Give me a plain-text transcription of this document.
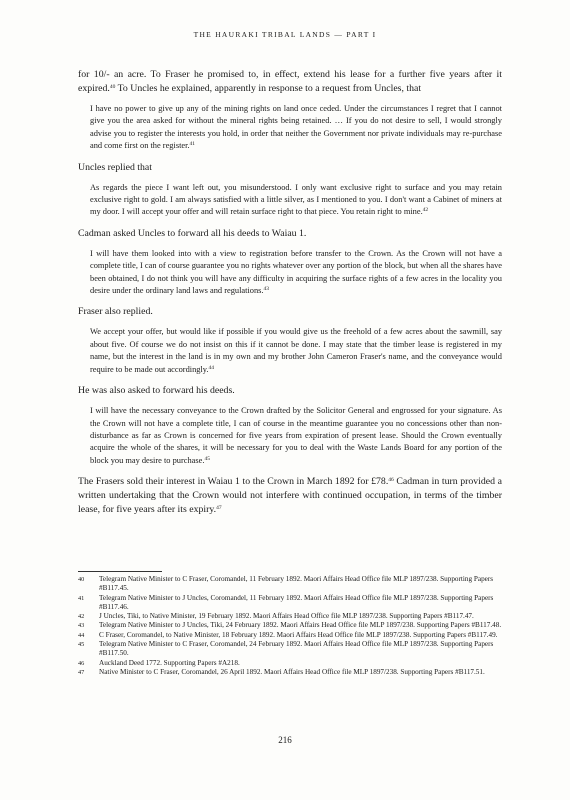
THE HAURAKI TRIBAL LANDS — PART I
for 10/- an acre. To Fraser he promised to, in effect, extend his lease for a further five years after it expired.$^{40}$ To Uncles he explained, apparently in response to a request from Uncles, that
I have no power to give up any of the mining rights on land once ceded. Under the circumstances I regret that I cannot give you the area asked for without the mineral rights being retained. … If you do not desire to sell, I would strongly advise you to register the interests you hold, in order that neither the Government nor private individuals may re-purchase and come first on the register.$^{41}$
Uncles replied that
As regards the piece I want left out, you misunderstood. I only want exclusive right to surface and you may retain exclusive right to gold. I am always satisfied with a little silver, as I mentioned to you. I don't want a Cabinet of miners at my door. I will accept your offer and will retain surface right to that piece. You retain right to mine.$^{42}$
Cadman asked Uncles to forward all his deeds to Waiau 1.
I will have them looked into with a view to registration before transfer to the Crown. As the Crown will not have a complete title, I can of course guarantee you no rights whatever over any portion of the block, but when all the shares have been obtained, I do not think you will have any difficulty in acquiring the surface rights of a few acres in the locality you desire under the ordinary land laws and regulations.$^{43}$
Fraser also replied.
We accept your offer, but would like if possible if you would give us the freehold of a few acres about the sawmill, say about five. Of course we do not insist on this if it cannot be done. I may state that the timber lease is registered in my name, but the interest in the land is in my own and my brother John Cameron Fraser's name, and the conveyance would require to be made out accordingly.$^{44}$
He was also asked to forward his deeds.
I will have the necessary conveyance to the Crown drafted by the Solicitor General and engrossed for your signature. As the Crown will not have a complete title, I can of course in the meantime guarantee you no concessions other than non-disturbance as far as Crown is concerned for five years from expiration of present lease. Should the Crown eventually acquire the whole of the shares, it will be necessary for you to deal with the Waste Lands Board for any portion of the block you may desire to purchase.$^{45}$
The Frasers sold their interest in Waiau 1 to the Crown in March 1892 for £78.46 Cadman in turn provided a written undertaking that the Crown would not interfere with continued occupation, in terms of the timber lease, for five years after its expiry.$^{47}$
40	Telegram Native Minister to C Fraser, Coromandel, 11 February 1892. Maori Affairs Head Office file MLP 1897/238. Supporting Papers #B117.45.
41	Telegram Native Minister to J Uncles, Coromandel, 11 February 1892. Maori Affairs Head Office file MLP 1897/238. Supporting Papers #B117.46.
42	J Uncles, Tiki, to Native Minister, 19 February 1892. Maori Affairs Head Office file MLP 1897/238. Supporting Papers #B117.47.
43	Telegram Native Minister to J Uncles, Tiki, 24 February 1892. Maori Affairs Head Office file MLP 1897/238. Supporting Papers #B117.48.
44	C Fraser, Coromandel, to Native Minister, 18 February 1892. Maori Affairs Head Office file MLP 1897/238. Supporting Papers #B117.49.
45	Telegram Native Minister to C Fraser, Coromandel, 24 February 1892. Maori Affairs Head Office file MLP 1897/238. Supporting Papers #B117.50.
46	Auckland Deed 1772. Supporting Papers #A218.
47	Native Minister to C Fraser, Coromandel, 26 April 1892. Maori Affairs Head Office file MLP 1897/238. Supporting Papers #B117.51.
216
